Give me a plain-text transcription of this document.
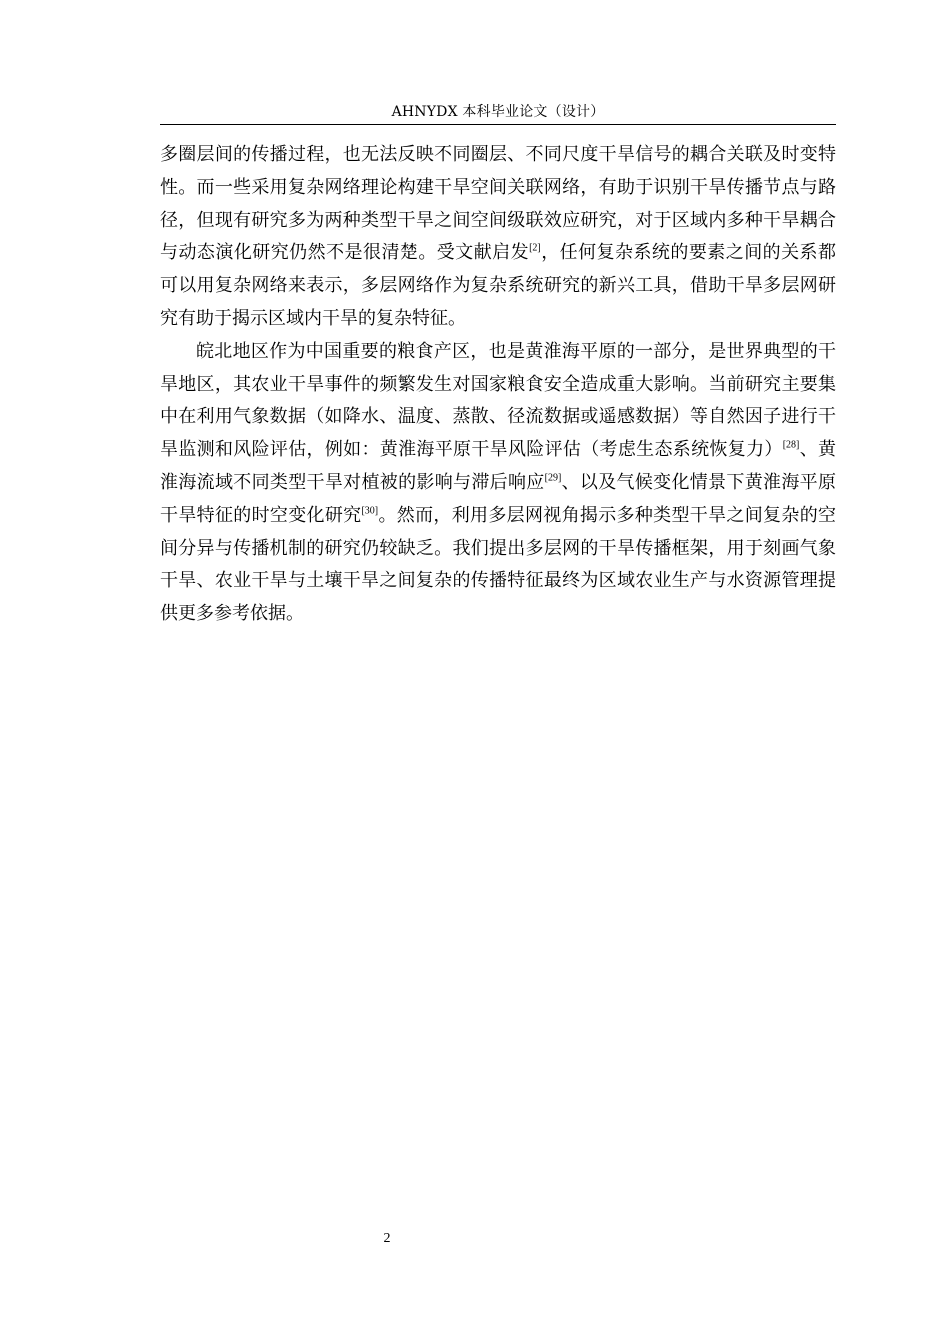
AHNYDX 本科毕业论文（设计）

多圈层间的传播过程，也无法反映不同圈层、不同尺度干旱信号的耦合关联及时变特性。而一些采用复杂网络理论构建干旱空间关联网络，有助于识别干旱传播节点与路径，但现有研究多为两种类型干旱之间空间级联效应研究，对于区域内多种干旱耦合与动态演化研究仍然不是很清楚。受文献启发[2]，任何复杂系统的要素之间的关系都可以用复杂网络来表示，多层网络作为复杂系统研究的新兴工具，借助干旱多层网研究有助于揭示区域内干旱的复杂特征。

皖北地区作为中国重要的粮食产区，也是黄淮海平原的一部分，是世界典型的干旱地区，其农业干旱事件的频繁发生对国家粮食安全造成重大影响。当前研究主要集中在利用气象数据（如降水、温度、蒸散、径流数据或遥感数据）等自然因子进行干旱监测和风险评估，例如：黄淮海平原干旱风险评估（考虑生态系统恢复力）[28]、黄淮海流域不同类型干旱对植被的影响与滞后响应[29]、以及气候变化情景下黄淮海平原干旱特征的时空变化研究[30]。然而，利用多层网视角揭示多种类型干旱之间复杂的空间分异与传播机制的研究仍较缺乏。我们提出多层网的干旱传播框架，用于刻画气象干旱、农业干旱与土壤干旱之间复杂的传播特征最终为区域农业生产与水资源管理提供更多参考依据。

2
